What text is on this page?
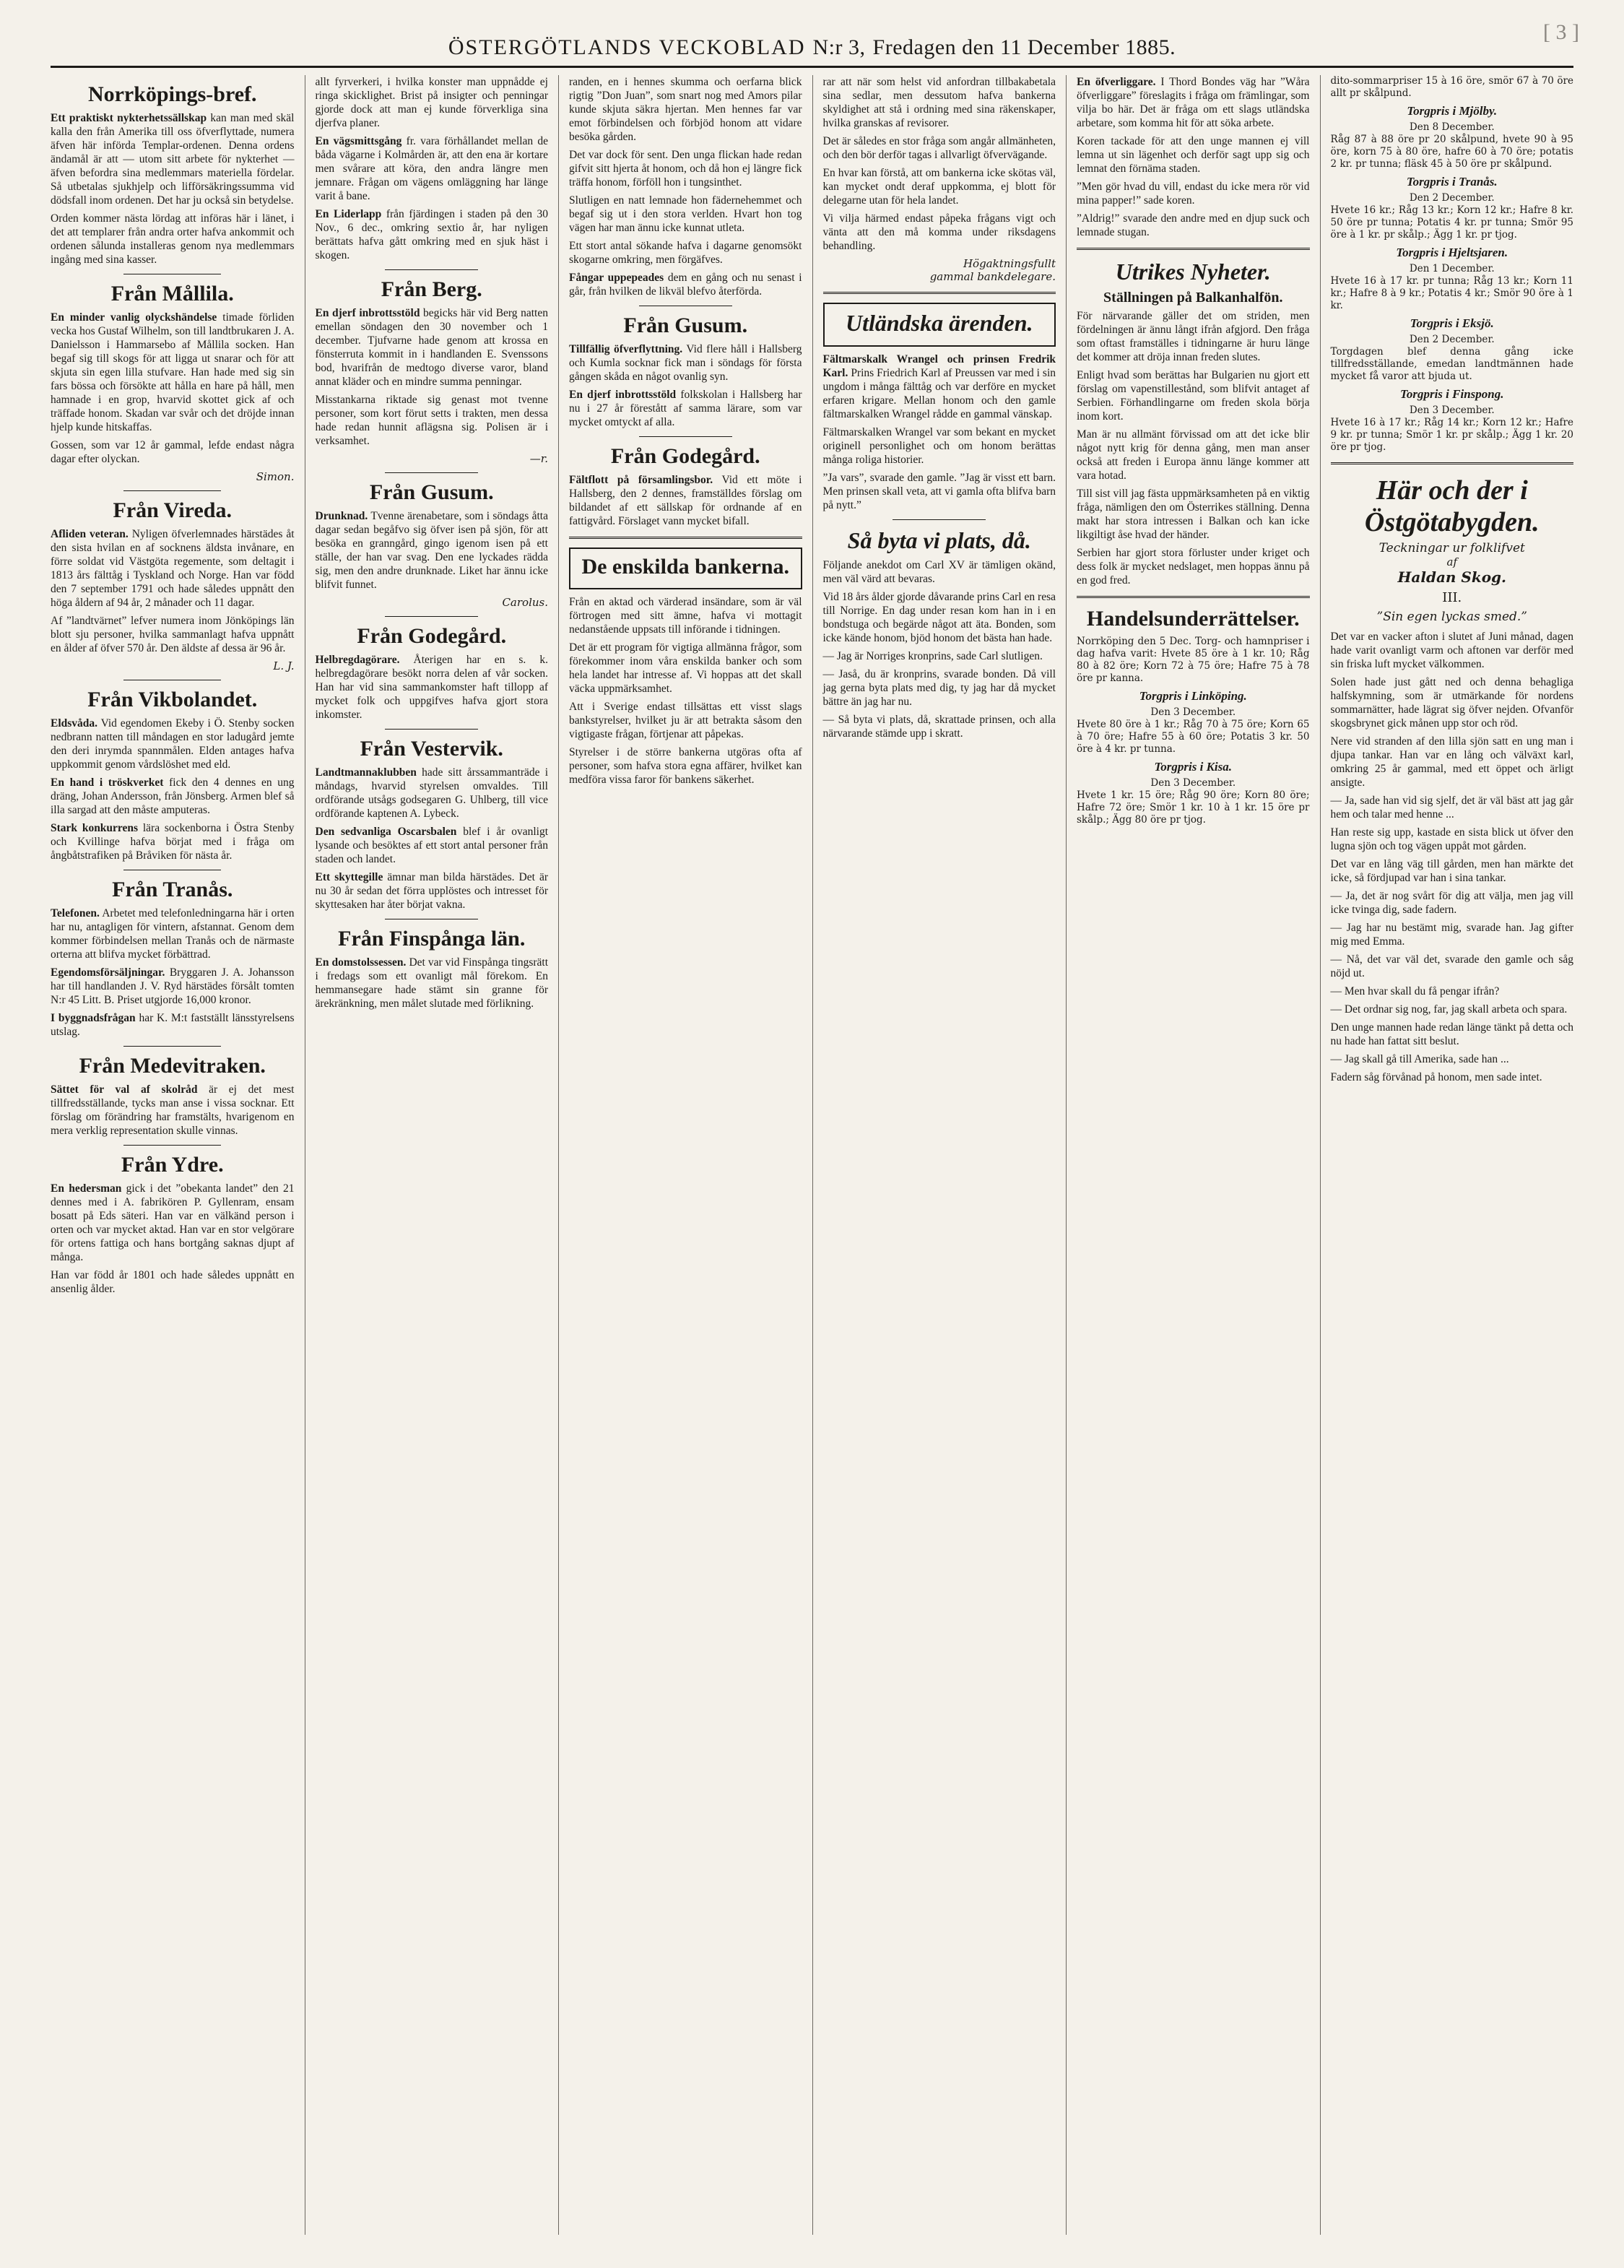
[ 3 ]
ÖSTERGÖTLANDS VECKOBLAD N:r 3, Fredagen den 11 December 1885.
Norrköpings-bref.
Ett praktiskt nykterhetssällskap kan man med skäl kalla den från Amerika till oss öfverflyttade, numera äfven här införda Templar-ordenen. Denna ordens ändamål är att — utom sitt arbete för nykterhet — äfven befordra sina medlemmars materiella fördelar. Så utbetalas sjukhjelp och lifförsäkringssumma vid dödsfall inom ordenen. Det har ju också sin betydelse.
Orden kommer nästa lördag att införas här i länet, i det att templarer från andra orter hafva ankommit och ordenen sålunda installeras genom nya medlemmars ingång med sina kasser.
Från Mållila.
En minder vanlig olyckshändelse timade förliden vecka hos Gustaf Wilhelm, son till landtbrukaren J. A. Danielsson i Hammarsebo af Mållila socken. Han begaf sig till skogs för att ligga ut snarar och för att skjuta sin egen lilla stufvare. Han hade med sig sin fars bössa och försökte att hålla en hare på håll, men hamnade i en grop, hvarvid skottet gick af och träffade honom. Skadan var svår och det dröjde innan hjelp kunde hitskaffas.
Gossen, som var 12 år gammal, lefde endast några dagar efter olyckan.
Simon.
Från Vireda.
Afliden veteran. Nyligen öfverlemnades härstädes åt den sista hvilan en af socknens äldsta invånare, en förre soldat vid Västgöta regemente, som deltagit i 1813 års fälttåg i Tyskland och Norge. Han var född den 7 september 1791 och hade således uppnått den höga åldern af 94 år, 2 månader och 11 dagar.
Af ”landtvärnet” lefver numera inom Jönköpings län blott sju personer, hvilka sammanlagt hafva uppnått en ålder af öfver 570 år. Den äldste af dessa är 96 år.
L. J.
Från Vikbolandet.
Eldsvåda. Vid egendomen Ekeby i Ö. Stenby socken nedbrann natten till måndagen en stor ladugård jemte den deri inrymda spannmålen. Elden antages hafva uppkommit genom vårdslöshet med eld.
En hand i tröskverket fick den 4 dennes en ung dräng, Johan Andersson, från Jönsberg. Armen blef så illa sargad att den måste amputeras.
Stark konkurrens lära sockenborna i Östra Stenby och Kvillinge hafva börjat med i fråga om ångbåtstrafiken på Bråviken för nästa år.
Från Tranås.
Telefonen. Arbetet med telefonledningarna här i orten har nu, antagligen för vintern, afstannat. Genom dem kommer förbindelsen mellan Tranås och de närmaste orterna att blifva mycket förbättrad.
Egendomsförsäljningar. Bryggaren J. A. Johansson har till handlanden J. V. Ryd härstädes försålt tomten N:r 45 Litt. B. Priset utgjorde 16,000 kronor.
I byggnadsfrågan har K. M:t fastställt länsstyrelsens utslag.
Från Medevitraken.
Sättet för val af skolråd är ej det mest tillfredsställande, tycks man anse i vissa socknar. Ett förslag om förändring har framstälts, hvarigenom en mera verklig representation skulle vinnas.
Från Ydre.
En hedersman gick i det ”obekanta landet” den 21 dennes med i A. fabrikören P. Gyllenram, ensam bosatt på Eds säteri. Han var en välkänd person i orten och var mycket aktad. Han var en stor velgörare för ortens fattiga och hans bortgång saknas djupt af många.
Han var född år 1801 och hade således uppnått en ansenlig ålder.
allt fyrverkeri, i hvilka konster man uppnådde ej ringa skicklighet. Brist på insigter och penningar gjorde dock att man ej kunde förverkliga sina djerfva planer.
En vägsmittsgång fr. vara förhållandet mellan de båda vägarne i Kolmården är, att den ena är kortare men svårare att köra, den andra längre men jemnare. Frågan om vägens omläggning har länge varit å bane.
En Liderlapp från fjärdingen i staden på den 30 Nov., 6 dec., omkring sextio år, har nyligen berättats hafva gått omkring med en sjuk häst i skogen.
Från Berg.
En djerf inbrottsstöld begicks här vid Berg natten emellan söndagen den 30 november och 1 december. Tjufvarne hade genom att krossa en fönsterruta kommit in i handlanden E. Svenssons bod, hvarifrån de medtogo diverse varor, bland annat kläder och en mindre summa penningar.
Misstankarna riktade sig genast mot tvenne personer, som kort förut setts i trakten, men dessa hade redan hunnit aflägsna sig. Polisen är i verksamhet.
—r.
Från Gusum.
Drunknad. Tvenne ärenabetare, som i söndags åtta dagar sedan begåfvo sig öfver isen på sjön, för att besöka en granngård, gingo igenom isen på ett ställe, der han var svag. Den ene lyckades rädda sig, men den andre drunknade. Liket har ännu icke blifvit funnet.
Carolus.
Från Godegård.
Helbregdagörare. Återigen har en s. k. helbregdagörare besökt norra delen af vår socken. Han har vid sina sammankomster haft tillopp af mycket folk och uppgifves hafva gjort stora inkomster.
Från Vestervik.
Landtmannaklubben hade sitt årssammanträde i måndags, hvarvid styrelsen omvaldes. Till ordförande utsågs godsegaren G. Uhlberg, till vice ordförande kaptenen A. Lybeck.
Den sedvanliga Oscarsbalen blef i år ovanligt lysande och besöktes af ett stort antal personer från staden och landet.
Ett skyttegille ämnar man bilda härstädes. Det är nu 30 år sedan det förra upplöstes och intresset för skyttesaken har åter börjat vakna.
Från Finspånga län.
En domstolssessen. Det var vid Finspånga tingsrätt i fredags som ett ovanligt mål förekom. En hemmansegare hade stämt sin granne för ärekränkning, men målet slutade med förlikning.
randen, en i hennes skumma och oerfarna blick rigtig ”Don Juan”, som snart nog med Amors pilar kunde skjuta säkra hjertan. Men hennes far var emot förbindelsen och förbjöd honom att vidare besöka gården.
Det var dock för sent. Den unga flickan hade redan gifvit sitt hjerta åt honom, och då hon ej längre fick träffa honom, förföll hon i tungsinthet.
Slutligen en natt lemnade hon fädernehemmet och begaf sig ut i den stora verlden. Hvart hon tog vägen har man ännu icke kunnat utleta.
Ett stort antal sökande hafva i dagarne genomsökt skogarne omkring, men förgäfves.
Fångar uppepeades dem en gång och nu senast i går, från hvilken de likväl blefvo återförda.
Från Gusum.
Tillfällig öfverflyttning. Vid flere håll i Hallsberg och Kumla socknar fick man i söndags för första gången skåda en något ovanlig syn.
En djerf inbrottsstöld folkskolan i Hallsberg har nu i 27 år förestått af samma lärare, som var mycket omtyckt af alla.
Från Godegård.
Fältflott på församlingsbor. Vid ett möte i Hallsberg, den 2 dennes, framställdes förslag om bildandet af ett sällskap för ordnande af en fattigvård. Förslaget vann mycket bifall.
De enskilda bankerna.
Från en aktad och värderad insändare, som är väl förtrogen med sitt ämne, hafva vi mottagit nedanstående uppsats till införande i tidningen.
Det är ett program för vigtiga allmänna frågor, som förekommer inom våra enskilda banker och som hela landet har intresse af. Vi hoppas att det skall väcka uppmärksamhet.
Att i Sverige endast tillsättas ett visst slags bankstyrelser, hvilket ju är att betrakta såsom den vigtigaste frågan, förtjenar att påpekas.
Styrelser i de större bankerna utgöras ofta af personer, som hafva stora egna affärer, hvilket kan medföra vissa faror för bankens säkerhet.
rar att när som helst vid anfordran tillbakabetala sina sedlar, men dessutom hafva bankerna skyldighet att stå i ordning med sina räkenskaper, hvilka granskas af revisorer.
Det är således en stor fråga som angår allmänheten, och den bör derför tagas i allvarligt öfvervägande.
En hvar kan förstå, att om bankerna icke skötas väl, kan mycket ondt deraf uppkomma, ej blott för delegarne utan för hela landet.
Vi vilja härmed endast påpeka frågans vigt och vänta att den må komma under riksdagens behandling.
Högaktningsfullt
gammal bankdelegare.
Utländska ärenden.
Fältmarskalk Wrangel och prinsen Fredrik Karl. Prins Friedrich Karl af Preussen var med i sin ungdom i många fälttåg och var derföre en mycket erfaren krigare. Mellan honom och den gamle fältmarskalken Wrangel rådde en gammal vänskap.
Fältmarskalken Wrangel var som bekant en mycket originell personlighet och om honom berättas många roliga historier.
”Ja vars”, svarade den gamle. ”Jag är visst ett barn. Men prinsen skall veta, att vi gamla ofta blifva barn på nytt.”
Så byta vi plats, då.
Följande anekdot om Carl XV är tämligen okänd, men väl värd att bevaras.
Vid 18 års ålder gjorde dåvarande prins Carl en resa till Norrige. En dag under resan kom han in i en bondstuga och begärde något att äta. Bonden, som icke kände honom, bjöd honom det bästa han hade.
— Jag är Norriges kronprins, sade Carl slutligen.
— Jaså, du är kronprins, svarade bonden. Då vill jag gerna byta plats med dig, ty jag har då mycket bättre än jag har nu.
— Så byta vi plats, då, skrattade prinsen, och alla närvarande stämde upp i skratt.
En öfverliggare. I Thord Bondes väg har ”Wåra öfverliggare” föreslagits i fråga om främlingar, som vilja bo här. Det är fråga om ett slags utländska arbetare, som komma hit för att söka arbete.
Koren tackade för att den unge mannen ej vill lemna ut sin lägenhet och derför sagt upp sig och lemnat den förnäma staden.
”Men gör hvad du vill, endast du icke mera rör vid mina papper!” sade koren.
”Aldrig!” svarade den andre med en djup suck och lemnade stugan.
Utrikes Nyheter.
Ställningen på Balkanhalfön.
För närvarande gäller det om striden, men fördelningen är ännu långt ifrån afgjord. Den fråga som oftast framställes i tidningarne är huru länge det kommer att dröja innan freden slutes.
Enligt hvad som berättas har Bulgarien nu gjort ett förslag om vapenstillestånd, som blifvit antaget af Serbien. Förhandlingarne om freden skola börja inom kort.
Man är nu allmänt förvissad om att det icke blir något nytt krig för denna gång, men man anser också att freden i Europa ännu länge kommer att vara hotad.
Till sist vill jag fästa uppmärksamheten på en viktig fråga, nämligen den om Österrikes ställning. Denna makt har stora intressen i Balkan och kan icke likgiltigt åse hvad der händer.
Serbien har gjort stora förluster under kriget och dess folk är mycket nedslaget, men hoppas ännu på en god fred.
Handelsunderrättelser.
Norrköping den 5 Dec. Torg- och hamnpriser i dag hafva varit: Hvete 85 öre à 1 kr. 10; Råg 80 à 82 öre; Korn 72 à 75 öre; Hafre 75 à 78 öre pr kanna.
Torgpris i Linköping.
Den 3 December.
Hvete 80 öre à 1 kr.; Råg 70 à 75 öre; Korn 65 à 70 öre; Hafre 55 à 60 öre; Potatis 3 kr. 50 öre à 4 kr. pr tunna.
Torgpris i Kisa.
Den 3 December.
Hvete 1 kr. 15 öre; Råg 90 öre; Korn 80 öre; Hafre 72 öre; Smör 1 kr. 10 à 1 kr. 15 öre pr skålp.; Ägg 80 öre pr tjog.
dito-sommarpriser 15 à 16 öre, smör 67 à 70 öre allt pr skålpund.
Torgpris i Mjölby.
Den 8 December.
Råg 87 à 88 öre pr 20 skålpund, hvete 90 à 95 öre, korn 75 à 80 öre, hafre 60 à 70 öre; potatis 2 kr. pr tunna; fläsk 45 à 50 öre pr skålpund.
Torgpris i Tranås.
Den 2 December.
Hvete 16 kr.; Råg 13 kr.; Korn 12 kr.; Hafre 8 kr. 50 öre pr tunna; Potatis 4 kr. pr tunna; Smör 95 öre à 1 kr. pr skålp.; Ägg 1 kr. pr tjog.
Torgpris i Hjeltsjaren.
Den 1 December.
Hvete 16 à 17 kr. pr tunna; Råg 13 kr.; Korn 11 kr.; Hafre 8 à 9 kr.; Potatis 4 kr.; Smör 90 öre à 1 kr.
Torgpris i Eksjö.
Den 2 December.
Torgdagen blef denna gång icke tillfredsställande, emedan landtmännen hade mycket få varor att bjuda ut.
Torgpris i Finspong.
Den 3 December.
Hvete 16 à 17 kr.; Råg 14 kr.; Korn 12 kr.; Hafre 9 kr. pr tunna; Smör 1 kr. pr skålp.; Ägg 1 kr. 20 öre pr tjog.
Här och der i Östgötabygden.
Teckningar ur folklifvet
af
Haldan Skog.
III.
”Sin egen lyckas smed.”
Det var en vacker afton i slutet af Juni månad, dagen hade varit ovanligt varm och aftonen var derför med sin friska luft mycket välkommen.
Solen hade just gått ned och denna behagliga halfskymning, som är utmärkande för nordens sommarnätter, hade lägrat sig öfver nejden. Ofvanför skogsbrynet gick månen upp stor och röd.
Nere vid stranden af den lilla sjön satt en ung man i djupa tankar. Han var en lång och välväxt karl, omkring 25 år gammal, med ett öppet och ärligt ansigte.
— Ja, sade han vid sig sjelf, det är väl bäst att jag går hem och talar med henne ...
Han reste sig upp, kastade en sista blick ut öfver den lugna sjön och tog vägen uppåt mot gården.
Det var en lång väg till gården, men han märkte det icke, så fördjupad var han i sina tankar.
— Ja, det är nog svårt för dig att välja, men jag vill icke tvinga dig, sade fadern.
— Jag har nu bestämt mig, svarade han. Jag gifter mig med Emma.
— Nå, det var väl det, svarade den gamle och såg nöjd ut.
— Men hvar skall du få pengar ifrån?
— Det ordnar sig nog, far, jag skall arbeta och spara.
Den unge mannen hade redan länge tänkt på detta och nu hade han fattat sitt beslut.
— Jag skall gå till Amerika, sade han ...
Fadern såg förvånad på honom, men sade intet.
